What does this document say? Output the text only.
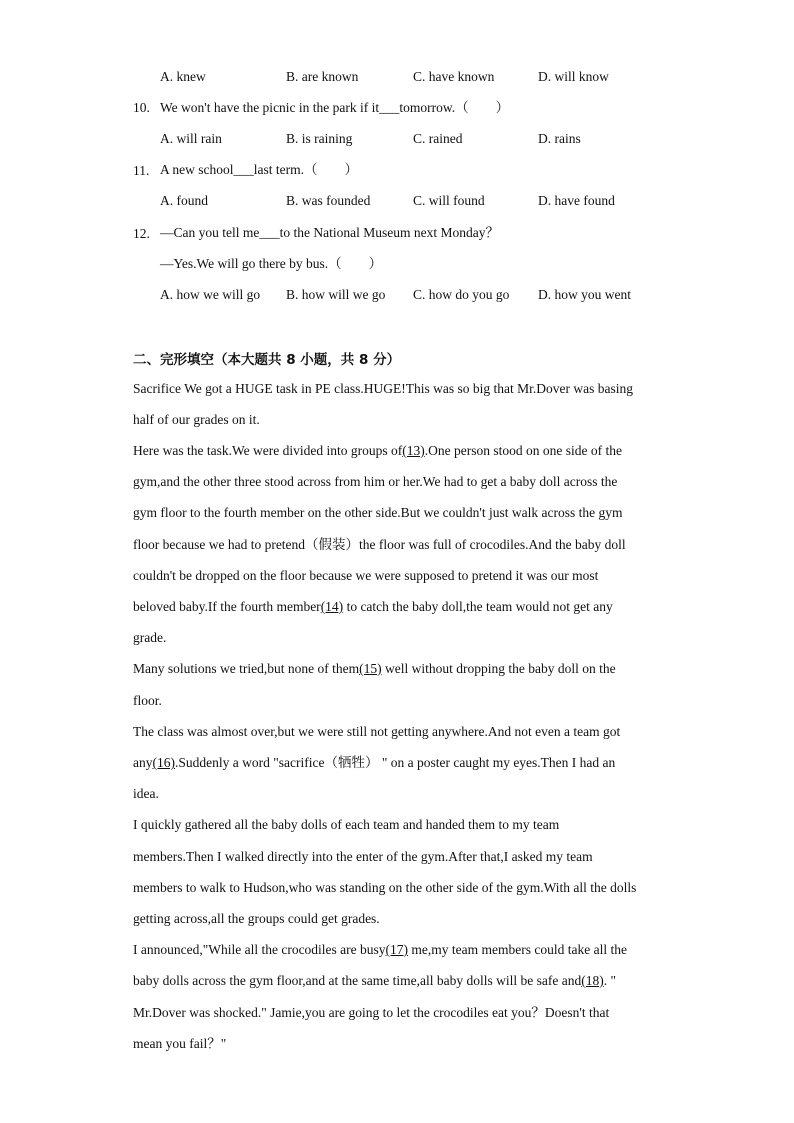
A. knew	B. are known	C. have known	D. will know
10. We won't have the picnic in the park if it___tomorrow.（　　）
A. will rain	B. is raining	C. rained	D. rains
11. A new school___last term.（　　）
A. found	B. was founded	C. will found	D. have found
12. —Can you tell me___to the National Museum next Monday？
—Yes.We will go there by bus.（　　）
A. how we will go B. how will we go C. how do you go D. how you went
二、完形填空（本大题共 8 小题，共 8 分）
Sacrifice We got a HUGE task in PE class.HUGE!This was so big that Mr.Dover was basing
half of our grades on it.
Here was the task.We were divided into groups of(13).One person stood on one side of the
gym,and the other three stood across from him or her.We had to get a baby doll across the
gym floor to the fourth member on the other side.But we couldn't just walk across the gym
floor because we had to pretend（假装）the floor was full of crocodiles.And the baby doll
couldn't be dropped on the floor because we were supposed to pretend it was our most
beloved baby.If the fourth member(14) to catch the baby doll,the team would not get any
grade.
Many solutions we tried,but none of them(15) well without dropping the baby doll on the
floor.
The class was almost over,but we were still not getting anywhere.And not even a team got
any(16).Suddenly a word "sacrifice（牺牲） " on a poster caught my eyes.Then I had an
idea.
I quickly gathered all the baby dolls of each team and handed them to my team
members.Then I walked directly into the enter of the gym.After that,I asked my team
members to walk to Hudson,who was standing on the other side of the gym.With all the dolls
getting across,all the groups could get grades.
I announced,"While all the crocodiles are busy(17) me,my team members could take all the
baby dolls across the gym floor,and at the same time,all baby dolls will be safe and(18). "
Mr.Dover was shocked." Jamie,you are going to let the crocodiles eat you？Doesn't that
mean you fail？"
